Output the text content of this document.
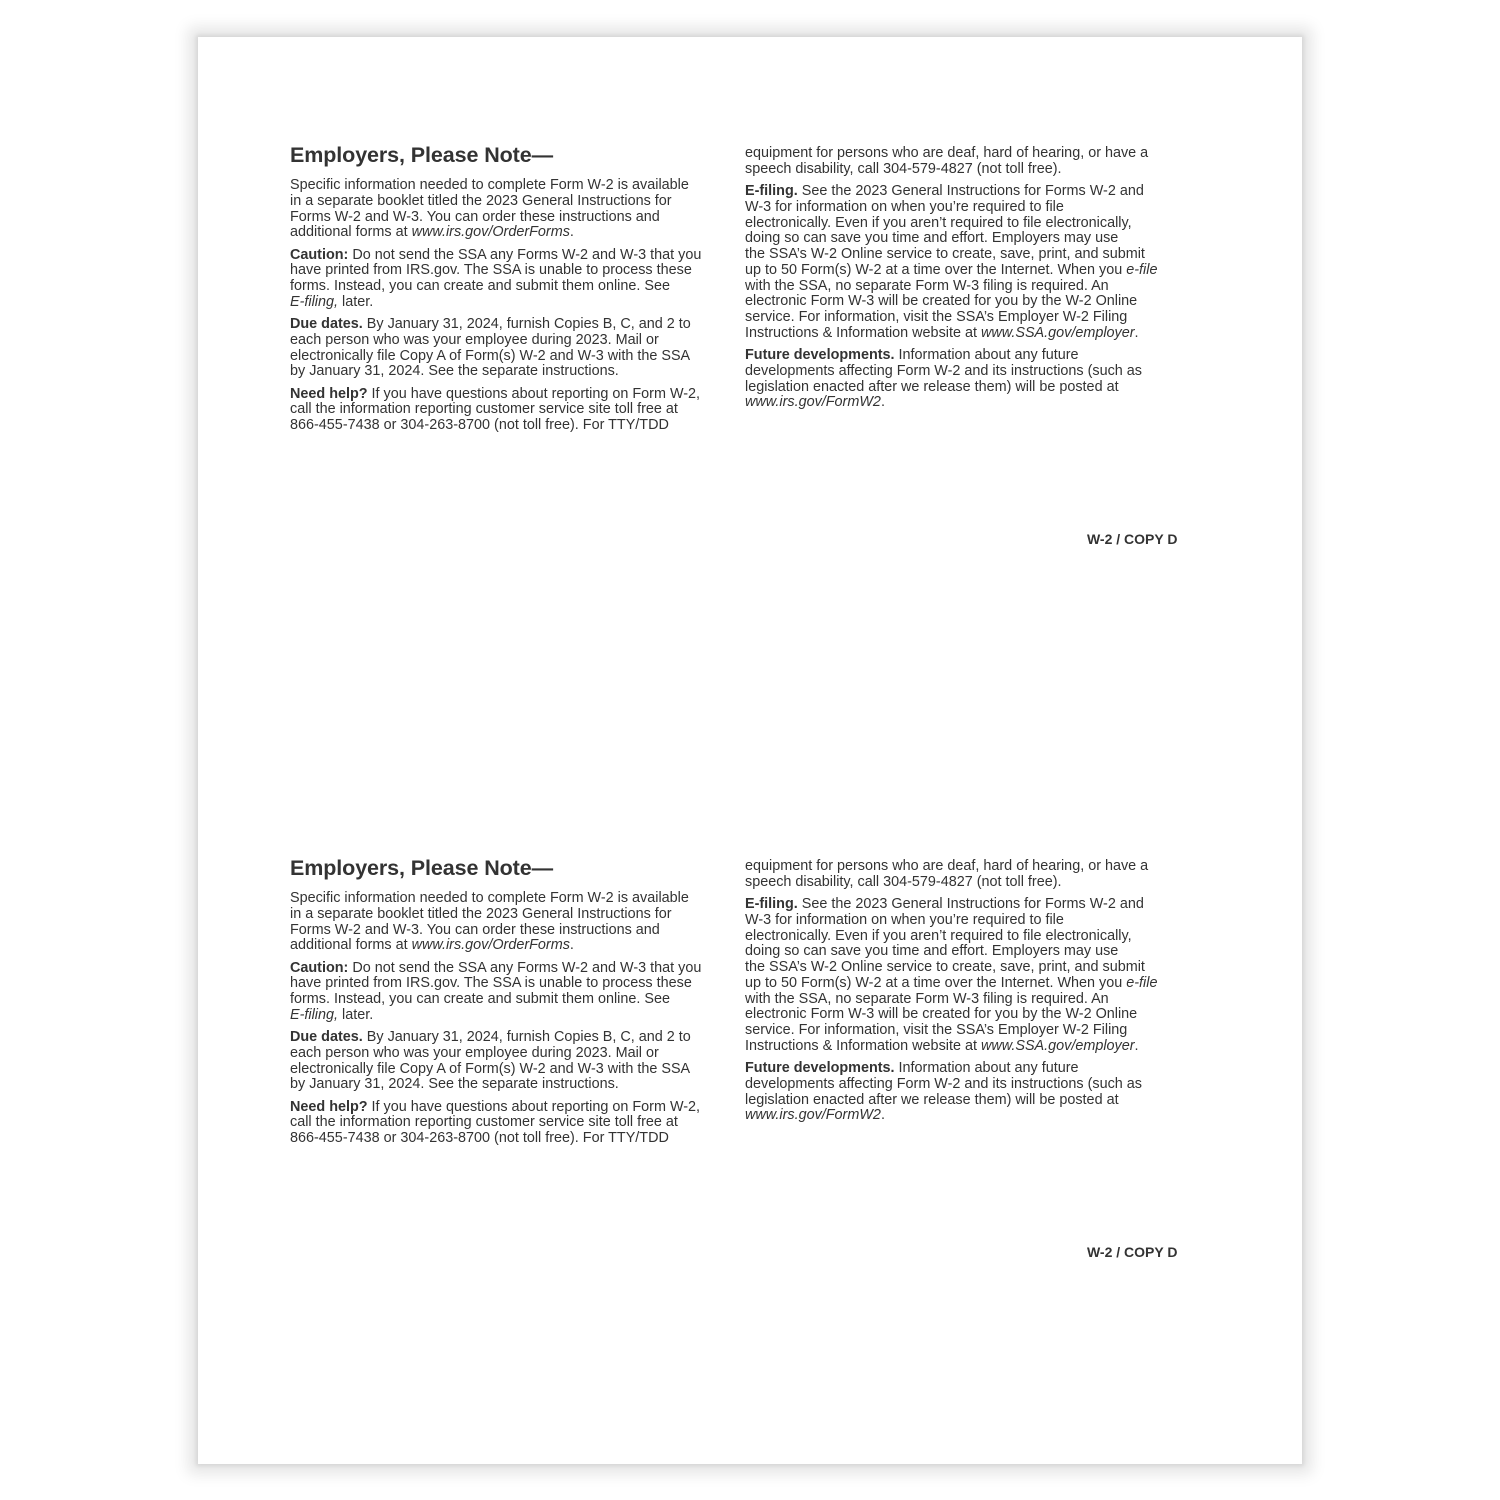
Employers, Please Note—
Specific information needed to complete Form W-2 is available
in a separate booklet titled the 2023 General Instructions for
Forms W-2 and W-3. You can order these instructions and
additional forms at www.irs.gov/OrderForms.
Caution: Do not send the SSA any Forms W-2 and W-3 that you
have printed from IRS.gov. The SSA is unable to process these
forms. Instead, you can create and submit them online. See
E-filing, later.
Due dates. By January 31, 2024, furnish Copies B, C, and 2 to
each person who was your employee during 2023. Mail or
electronically file Copy A of Form(s) W-2 and W-3 with the SSA
by January 31, 2024. See the separate instructions.
Need help? If you have questions about reporting on Form W-2,
call the information reporting customer service site toll free at
866-455-7438 or 304-263-8700 (not toll free). For TTY/TDD
equipment for persons who are deaf, hard of hearing, or have a
speech disability, call 304-579-4827 (not toll free).
E-filing. See the 2023 General Instructions for Forms W-2 and
W-3 for information on when you’re required to file
electronically. Even if you aren’t required to file electronically,
doing so can save you time and effort. Employers may use
the SSA’s W-2 Online service to create, save, print, and submit
up to 50 Form(s) W-2 at a time over the Internet. When you e-file
with the SSA, no separate Form W-3 filing is required. An
electronic Form W-3 will be created for you by the W-2 Online
service. For information, visit the SSA’s Employer W-2 Filing
Instructions & Information website at www.SSA.gov/employer.
Future developments. Information about any future
developments affecting Form W-2 and its instructions (such as
legislation enacted after we release them) will be posted at
www.irs.gov/FormW2.
W-2 / COPY D
Employers, Please Note—
Specific information needed to complete Form W-2 is available
in a separate booklet titled the 2023 General Instructions for
Forms W-2 and W-3. You can order these instructions and
additional forms at www.irs.gov/OrderForms.
Caution: Do not send the SSA any Forms W-2 and W-3 that you
have printed from IRS.gov. The SSA is unable to process these
forms. Instead, you can create and submit them online. See
E-filing, later.
Due dates. By January 31, 2024, furnish Copies B, C, and 2 to
each person who was your employee during 2023. Mail or
electronically file Copy A of Form(s) W-2 and W-3 with the SSA
by January 31, 2024. See the separate instructions.
Need help? If you have questions about reporting on Form W-2,
call the information reporting customer service site toll free at
866-455-7438 or 304-263-8700 (not toll free). For TTY/TDD
equipment for persons who are deaf, hard of hearing, or have a
speech disability, call 304-579-4827 (not toll free).
E-filing. See the 2023 General Instructions for Forms W-2 and
W-3 for information on when you’re required to file
electronically. Even if you aren’t required to file electronically,
doing so can save you time and effort. Employers may use
the SSA’s W-2 Online service to create, save, print, and submit
up to 50 Form(s) W-2 at a time over the Internet. When you e-file
with the SSA, no separate Form W-3 filing is required. An
electronic Form W-3 will be created for you by the W-2 Online
service. For information, visit the SSA’s Employer W-2 Filing
Instructions & Information website at www.SSA.gov/employer.
Future developments. Information about any future
developments affecting Form W-2 and its instructions (such as
legislation enacted after we release them) will be posted at
www.irs.gov/FormW2.
W-2 / COPY D
